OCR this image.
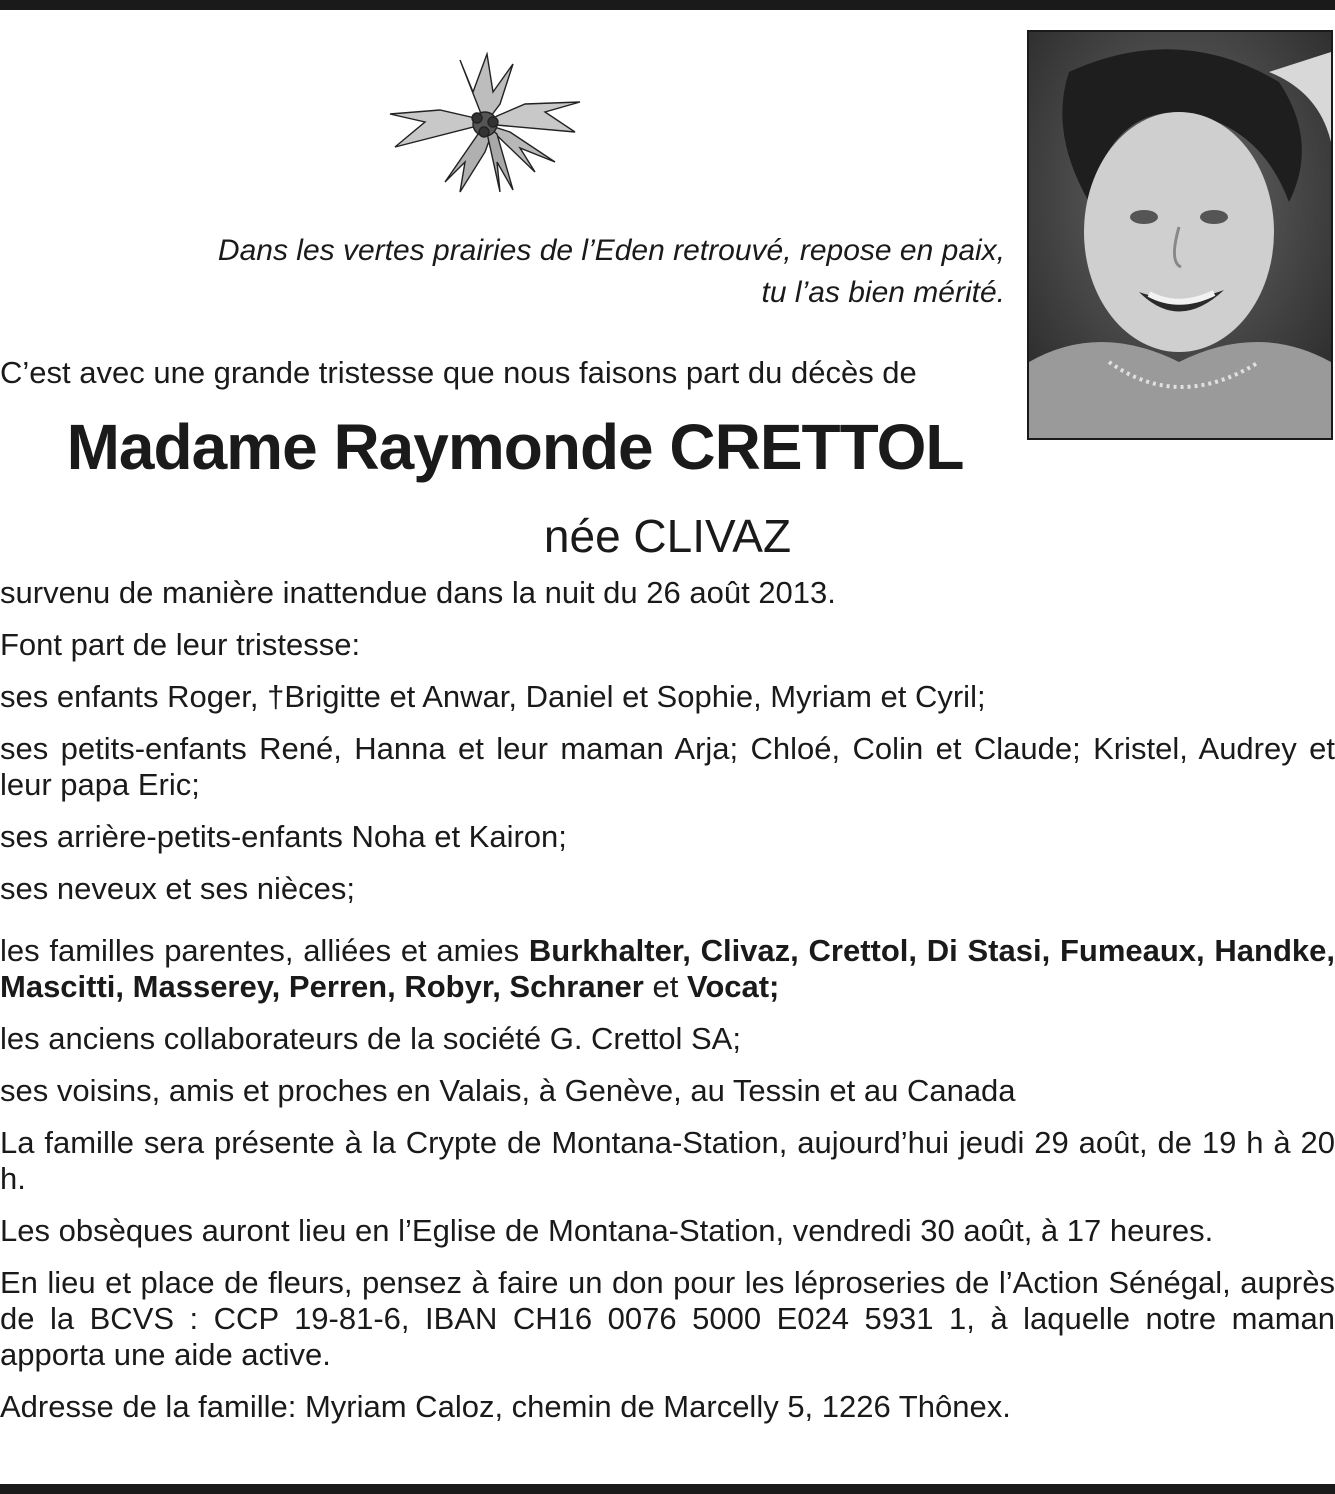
Dans les vertes prairies de l’Eden retrouvé, repose en paix,
tu l’as bien mérité.
C’est avec une grande tristesse que nous faisons part du décès de
Madame Raymonde CRETTOL
née CLIVAZ

survenu de manière inattendue dans la nuit du 26 août 2013.

Font part de leur tristesse:

ses enfants Roger, †Brigitte et Anwar, Daniel et Sophie, Myriam et Cyril;

ses petits-enfants René, Hanna et leur maman Arja; Chloé, Colin et Claude; Kristel, Audrey et leur papa Eric;

ses arrière-petits-enfants Noha et Kairon;

ses neveux et ses nièces;

les familles parentes, alliées et amies Burkhalter, Clivaz, Crettol, Di Stasi, Fumeaux, Handke, Mascitti, Masserey, Perren, Robyr, Schraner et Vocat;

les anciens collaborateurs de la société G. Crettol SA;

ses voisins, amis et proches en Valais, à Genève, au Tessin et au Canada

La famille sera présente à la Crypte de Montana-Station, aujourd’hui jeudi 29 août, de 19 h à 20 h.

Les obsèques auront lieu en l’Eglise de Montana-Station, vendredi 30 août, à 17 heures.

En lieu et place de fleurs, pensez à faire un don pour les léproseries de l’Action Sénégal, auprès de la BCVS : CCP 19-81-6, IBAN CH16 0076 5000 E024 5931 1, à laquelle notre maman apporta une aide active.

Adresse de la famille: Myriam Caloz, chemin de Marcelly 5, 1226 Thônex.
